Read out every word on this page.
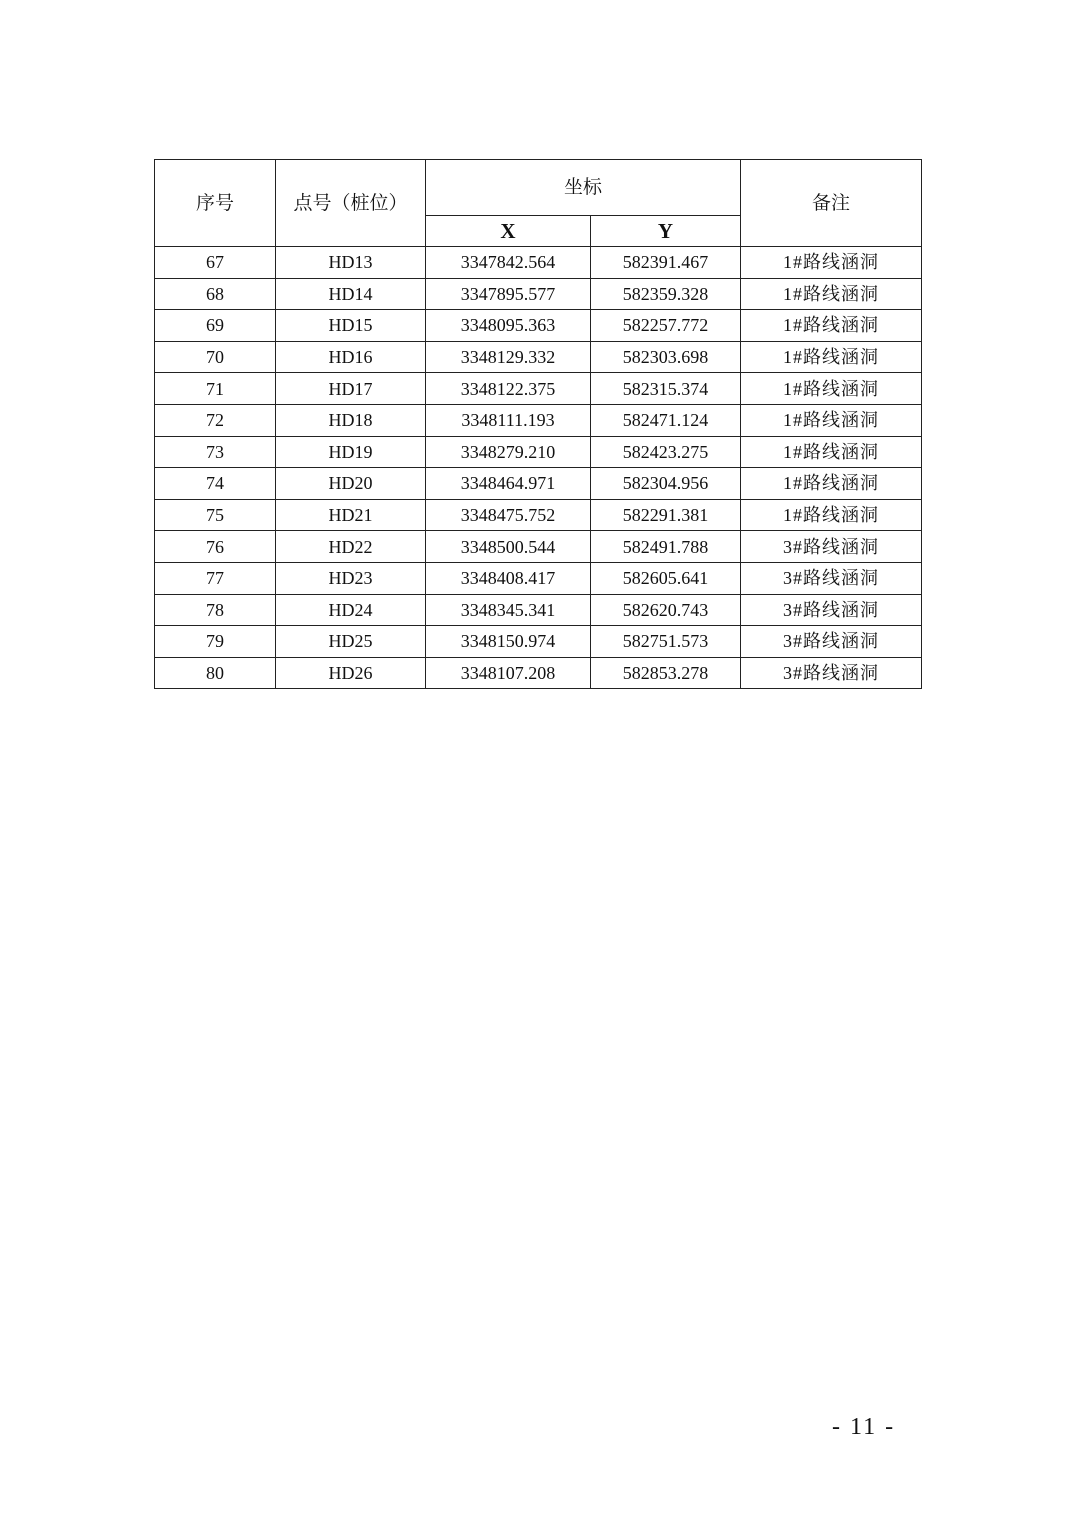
序号	点号（桩位）	坐标		备注
		X	Y	
67	HD13	3347842.564	582391.467	1#路线涵洞
68	HD14	3347895.577	582359.328	1#路线涵洞
69	HD15	3348095.363	582257.772	1#路线涵洞
70	HD16	3348129.332	582303.698	1#路线涵洞
71	HD17	3348122.375	582315.374	1#路线涵洞
72	HD18	3348111.193	582471.124	1#路线涵洞
73	HD19	3348279.210	582423.275	1#路线涵洞
74	HD20	3348464.971	582304.956	1#路线涵洞
75	HD21	3348475.752	582291.381	1#路线涵洞
76	HD22	3348500.544	582491.788	3#路线涵洞
77	HD23	3348408.417	582605.641	3#路线涵洞
78	HD24	3348345.341	582620.743	3#路线涵洞
79	HD25	3348150.974	582751.573	3#路线涵洞
80	HD26	3348107.208	582853.278	3#路线涵洞
- 11 -
